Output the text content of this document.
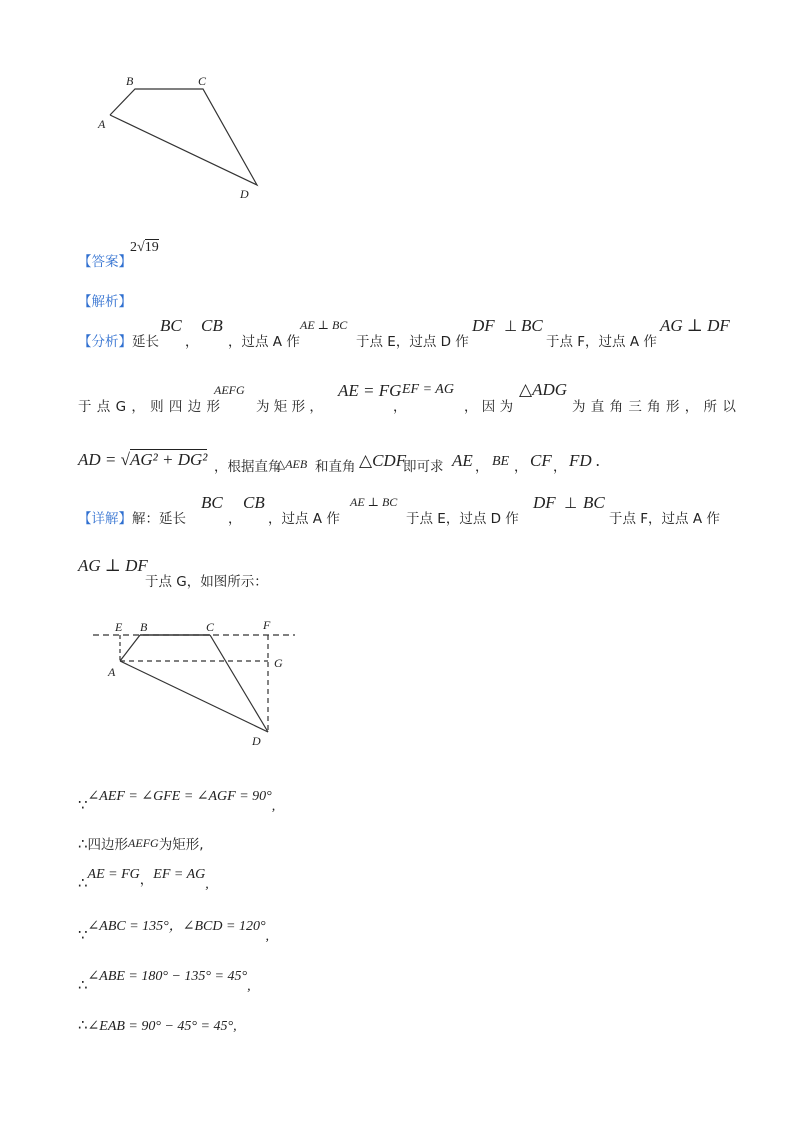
B	C
A
D
【答案】
2√19
【解析】
【分析】延长
BC
，
CB
，过点 A 作
AE ⊥ BC
于点 E，过点 D 作
DF ⊥ BC
于点 F，过点 A 作
AG ⊥ DF
于 点 G ， 则 四 边 形
AEFG
为 矩 形 ，
AE = FG
，
EF = AG
， 因 为
△ADG
为 直 角 三 角 形 ， 所 以
AD = √AG² + DG² ，根据直角
△AEB 和直角 △CDF
即可求 AE ， BE ， CF ， FD .
【详解】解：延长
BC
，
CB
，过点 A 作
AE ⊥ BC
于点 E，过点 D 作
DF ⊥ BC
于点 F，过点 A 作
AG ⊥ DF
于点 G，如图所示：
E B	C	F
G
A
D
∵∠AEF = ∠GFE = ∠AGF = 90°,
∴四边形AEFG为矩形,
∴AE = $FG_,EF$ = AG,
∵∠ABC = 135°，∠BCD = 120°,
∴∠ABE = 180° − 135° = 45°,
∴∠EAB = 90° − 45° = 45°,
